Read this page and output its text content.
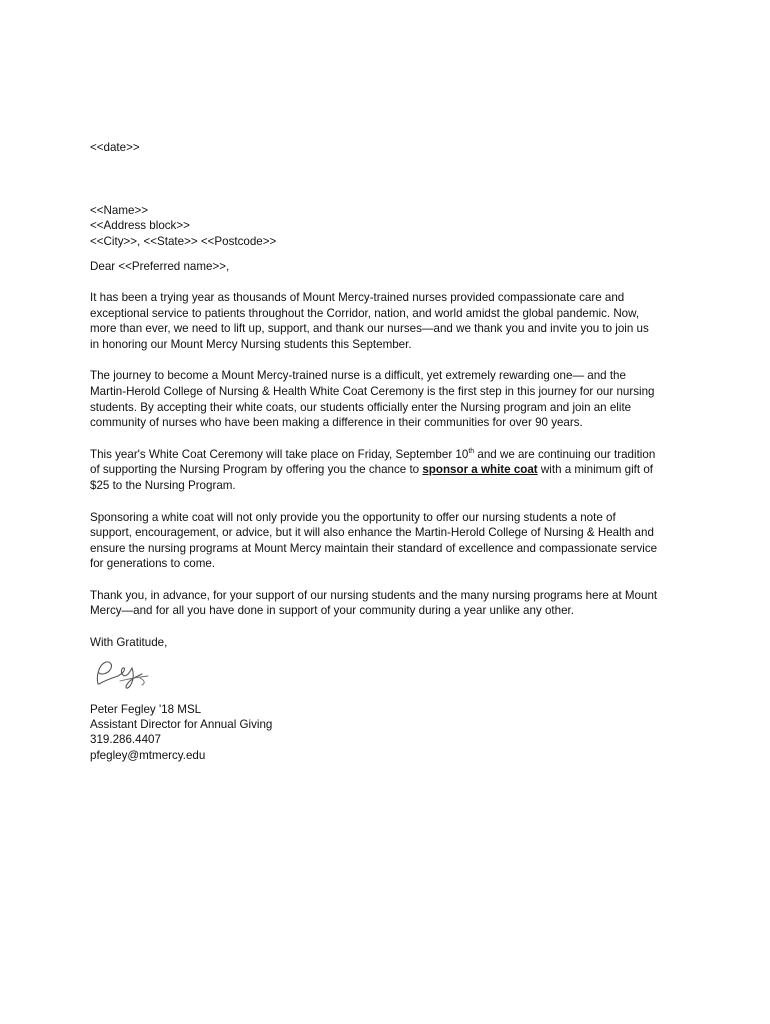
<<date>>
<<Name>>
<<Address block>>
<<City>>, <<State>> <<Postcode>>
Dear <<Preferred name>>,
It has been a trying year as thousands of Mount Mercy-trained nurses provided compassionate care and
exceptional service to patients throughout the Corridor, nation, and world amidst the global pandemic. Now,
more than ever, we need to lift up, support, and thank our nurses—and we thank you and invite you to join us
in honoring our Mount Mercy Nursing students this September.
The journey to become a Mount Mercy-trained nurse is a difficult, yet extremely rewarding one— and the
Martin-Herold College of Nursing & Health White Coat Ceremony is the first step in this journey for our nursing
students. By accepting their white coats, our students officially enter the Nursing program and join an elite
community of nurses who have been making a difference in their communities for over 90 years.
This year's White Coat Ceremony will take place on Friday, September 10th and we are continuing our tradition
of supporting the Nursing Program by offering you the chance to sponsor a white coat with a minimum gift of
$25 to the Nursing Program.
Sponsoring a white coat will not only provide you the opportunity to offer our nursing students a note of
support, encouragement, or advice, but it will also enhance the Martin-Herold College of Nursing & Health and
ensure the nursing programs at Mount Mercy maintain their standard of excellence and compassionate service
for generations to come.
Thank you, in advance, for your support of our nursing students and the many nursing programs here at Mount
Mercy—and for all you have done in support of your community during a year unlike any other.
With Gratitude,
Peter Fegley '18 MSL
Assistant Director for Annual Giving
319.286.4407
pfegley@mtmercy.edu
